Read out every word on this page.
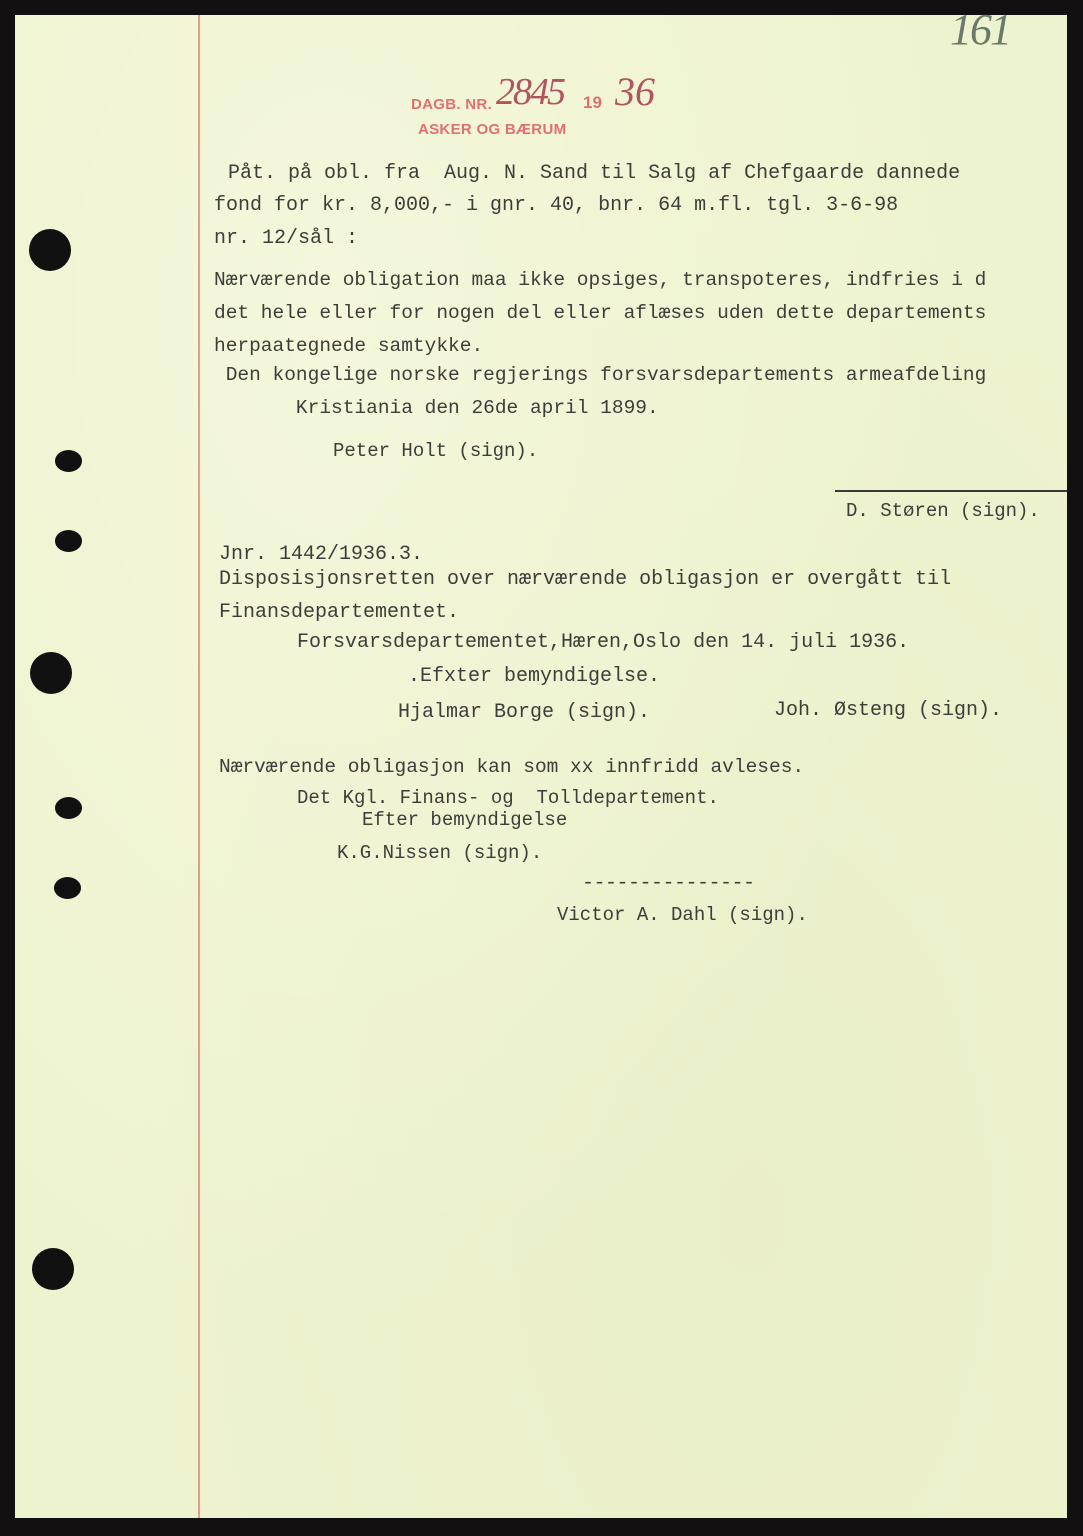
161
DAGB. NR. 2845 19 36
ASKER OG BÆRUM
Påt. på obl. fra  Aug. N. Sand til Salg af Chefgaarde dannede
fond for kr. 8,000,- i gnr. 40, bnr. 64 m.fl. tgl. 3-6-98
nr. 12/sål :
Nærværende obligation maa ikke opsiges, transpoteres, indfries i d
det hele eller for nogen del eller aflæses uden dette departements
herpaategnede samtykke.
Den kongelige norske regjerings forsvarsdepartements armeafdeling
Kristiania den 26de april 1899.
Peter Holt (sign).
D. Støren (sign).
Jnr. 1442/1936.3.
Disposisjonsretten over nærværende obligasjon er overgått til
Finansdepartementet.
Forsvarsdepartementet,Hæren,Oslo den 14. juli 1936.
.Efxter bemyndigelse.
Hjalmar Borge (sign).	Joh. Østeng (sign).
Nærværende obligasjon kan som xx innfridd avleses.
Det Kgl. Finans- og  Tolldepartement.
Efter bemyndigelse
K.G.Nissen (sign).
---------------
Victor A. Dahl (sign).
